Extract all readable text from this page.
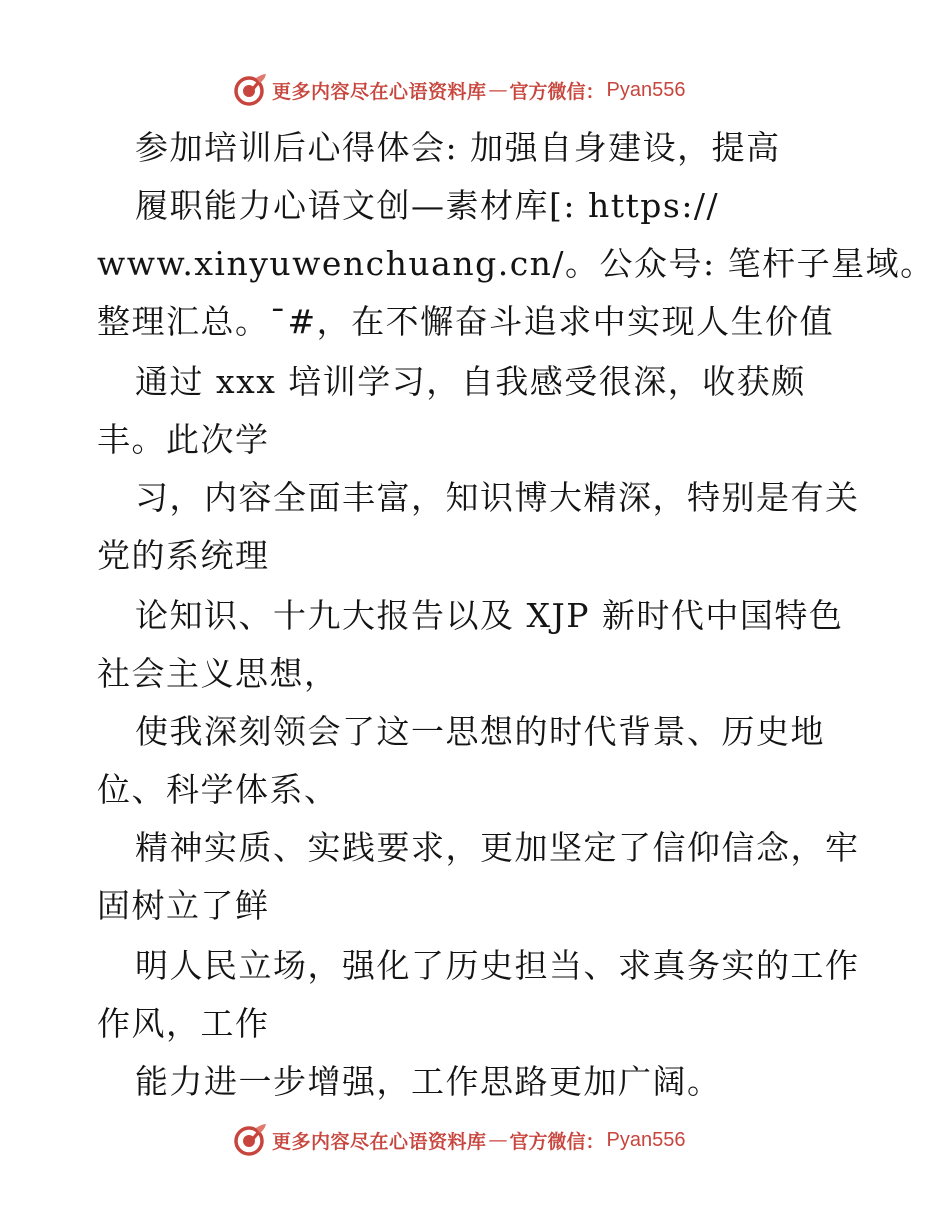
更多内容尽在心语资料库 — 官方微信： Pyan556
参加培训后心得体会: 加强自身建设，提高
履职能力心语文创—素材库[: https://
www.xinyuwenchuang.cn/。公众号: 笔杆子星域。
整理汇总。¯#，在不懈奋斗追求中实现人生价值
通过 xxx 培训学习，自我感受很深，收获颇
丰。此次学
习，内容全面丰富，知识博大精深，特别是有关
党的系统理
论知识、十九大报告以及 XJP 新时代中国特色
社会主义思想，
使我深刻领会了这一思想的时代背景、历史地
位、科学体系、
精神实质、实践要求，更加坚定了信仰信念，牢
固树立了鲜
明人民立场，强化了历史担当、求真务实的工作
作风，工作
能力进一步增强，工作思路更加广阔。
更多内容尽在心语资料库 — 官方微信： Pyan556
